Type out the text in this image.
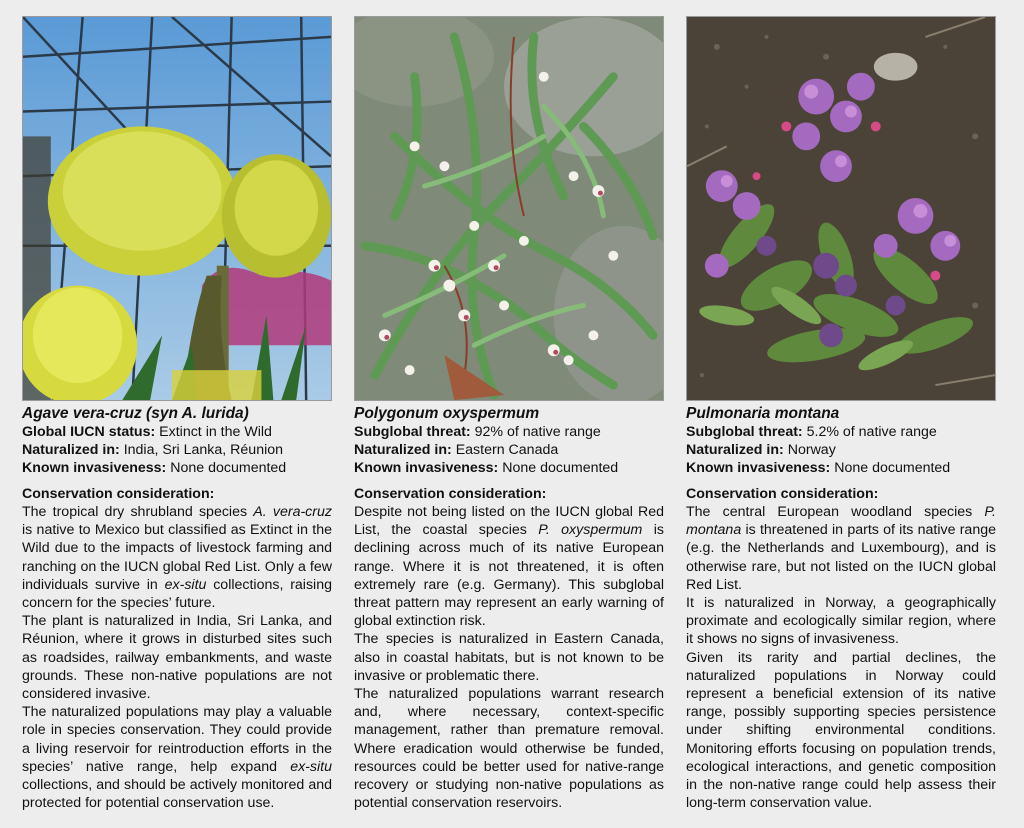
Agave vera-cruz (syn A. lurida)
Global IUCN status: Extinct in the Wild
Naturalized in: India, Sri Lanka, Réunion
Known invasiveness: None documented
Conservation consideration:

The tropical dry shrubland species A. vera-cruz is native to Mexico but classified as Extinct in the Wild due to the impacts of livestock farming and ranching on the IUCN global Red List. Only a few individuals survive in ex-situ collections, raising concern for the species’ future.

The plant is naturalized in India, Sri Lanka, and Réunion, where it grows in disturbed sites such as roadsides, railway embankments, and waste grounds. These non-native populations are not considered invasive.

The naturalized populations may play a valuable role in species conservation. They could provide a living reservoir for reintroduction efforts in the species’ native range, help expand ex-situ collections, and should be actively monitored and protected for potential conservation use.

Polygonum oxyspermum
Subglobal threat: 92% of native range
Naturalized in: Eastern Canada
Known invasiveness: None documented
Conservation consideration:

Despite not being listed on the IUCN global Red List, the coastal species P. oxyspermum is declining across much of its native European range. Where it is not threatened, it is often extremely rare (e.g. Germany). This subglobal threat pattern may represent an early warning of global extinction risk.

The species is naturalized in Eastern Canada, also in coastal habitats, but is not known to be invasive or problematic there.

The naturalized populations warrant research and, where necessary, context-specific management, rather than premature removal. Where eradication would otherwise be funded, resources could be better used for native-range recovery or studying non-native populations as potential conservation reservoirs.

Pulmonaria montana
Subglobal threat: 5.2% of native range
Naturalized in: Norway
Known invasiveness: None documented
Conservation consideration:

The central European woodland species P. montana is threatened in parts of its native range (e.g. the Netherlands and Luxembourg), and is otherwise rare, but not listed on the IUCN global Red List.

It is naturalized in Norway, a geographically proximate and ecologically similar region, where it shows no signs of invasiveness.

Given its rarity and partial declines, the naturalized populations in Norway could represent a beneficial extension of its native range, possibly supporting species persistence under shifting environmental conditions. Monitoring efforts focusing on population trends, ecological interactions, and genetic composition in the non-native range could help assess their long-term conservation value.
